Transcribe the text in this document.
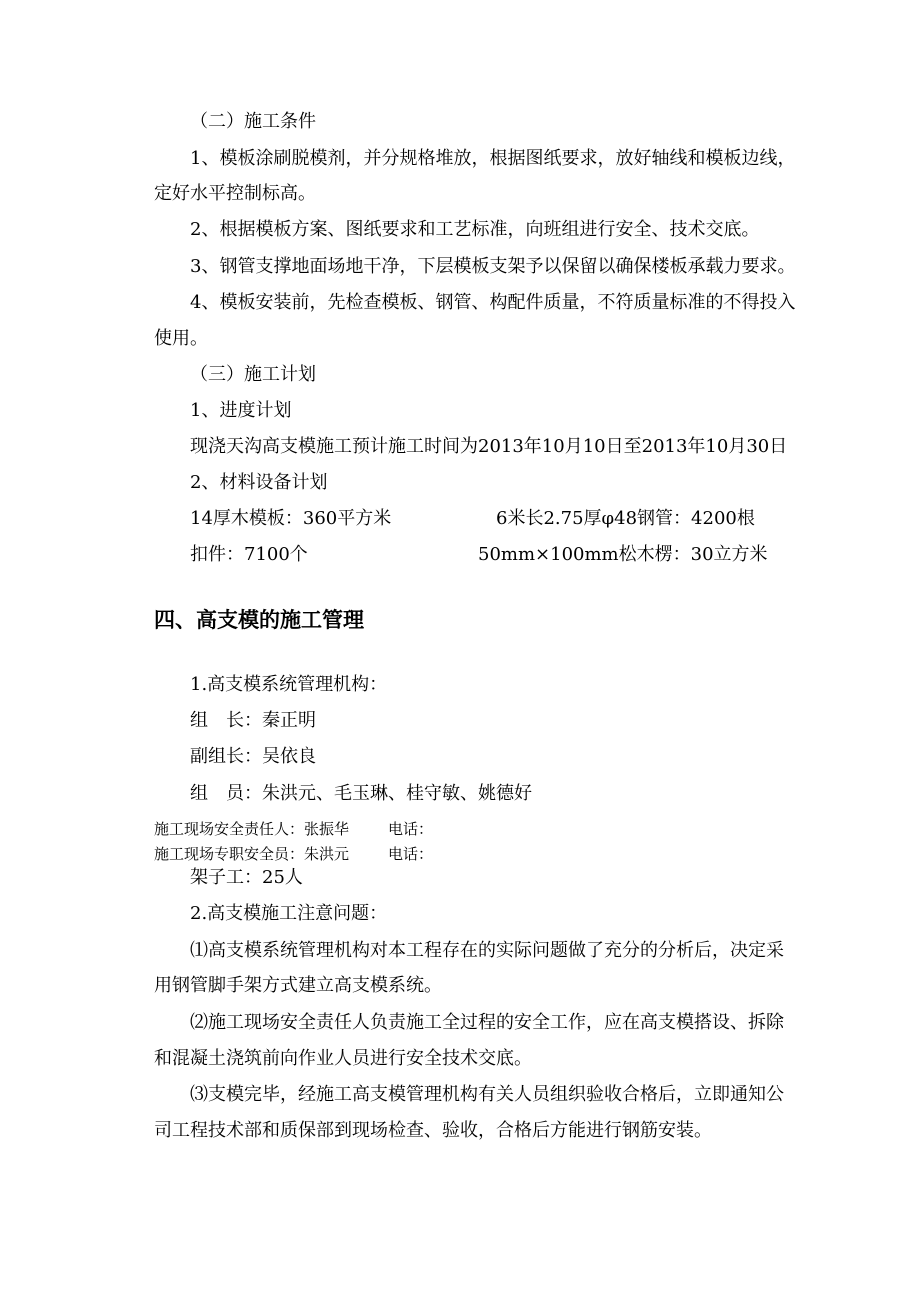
（二）施工条件
1、模板涂刷脱模剂，并分规格堆放，根据图纸要求，放好轴线和模板边线，
定好水平控制标高。
2、根据模板方案、图纸要求和工艺标准，向班组进行安全、技术交底。
3、钢管支撑地面场地干净，下层模板支架予以保留以确保楼板承载力要求。
4、模板安装前，先检查模板、钢管、构配件质量，不符质量标准的不得投入
使用。
（三）施工计划
1、进度计划
现浇天沟高支模施工预计施工时间为2013年10月10日至2013年10月30日
2、材料设备计划
14厚木模板：360平方米	6米长2.75厚φ48钢管：4200根
扣件：7100个	50mm×100mm松木楞：30立方米
四、高支模的施工管理
1.高支模系统管理机构：
组　长：秦正明
副组长：吴依良
组　员：朱洪元、毛玉琳、桂守敏、姚德好
施工现场安全责任人：张振华	电话：
施工现场专职安全员：朱洪元	电话：
架子工：25人
2.高支模施工注意问题：
⑴高支模系统管理机构对本工程存在的实际问题做了充分的分析后，决定采
用钢管脚手架方式建立高支模系统。
⑵施工现场安全责任人负责施工全过程的安全工作，应在高支模搭设、拆除
和混凝土浇筑前向作业人员进行安全技术交底。
⑶支模完毕，经施工高支模管理机构有关人员组织验收合格后，立即通知公
司工程技术部和质保部到现场检查、验收，合格后方能进行钢筋安装。
